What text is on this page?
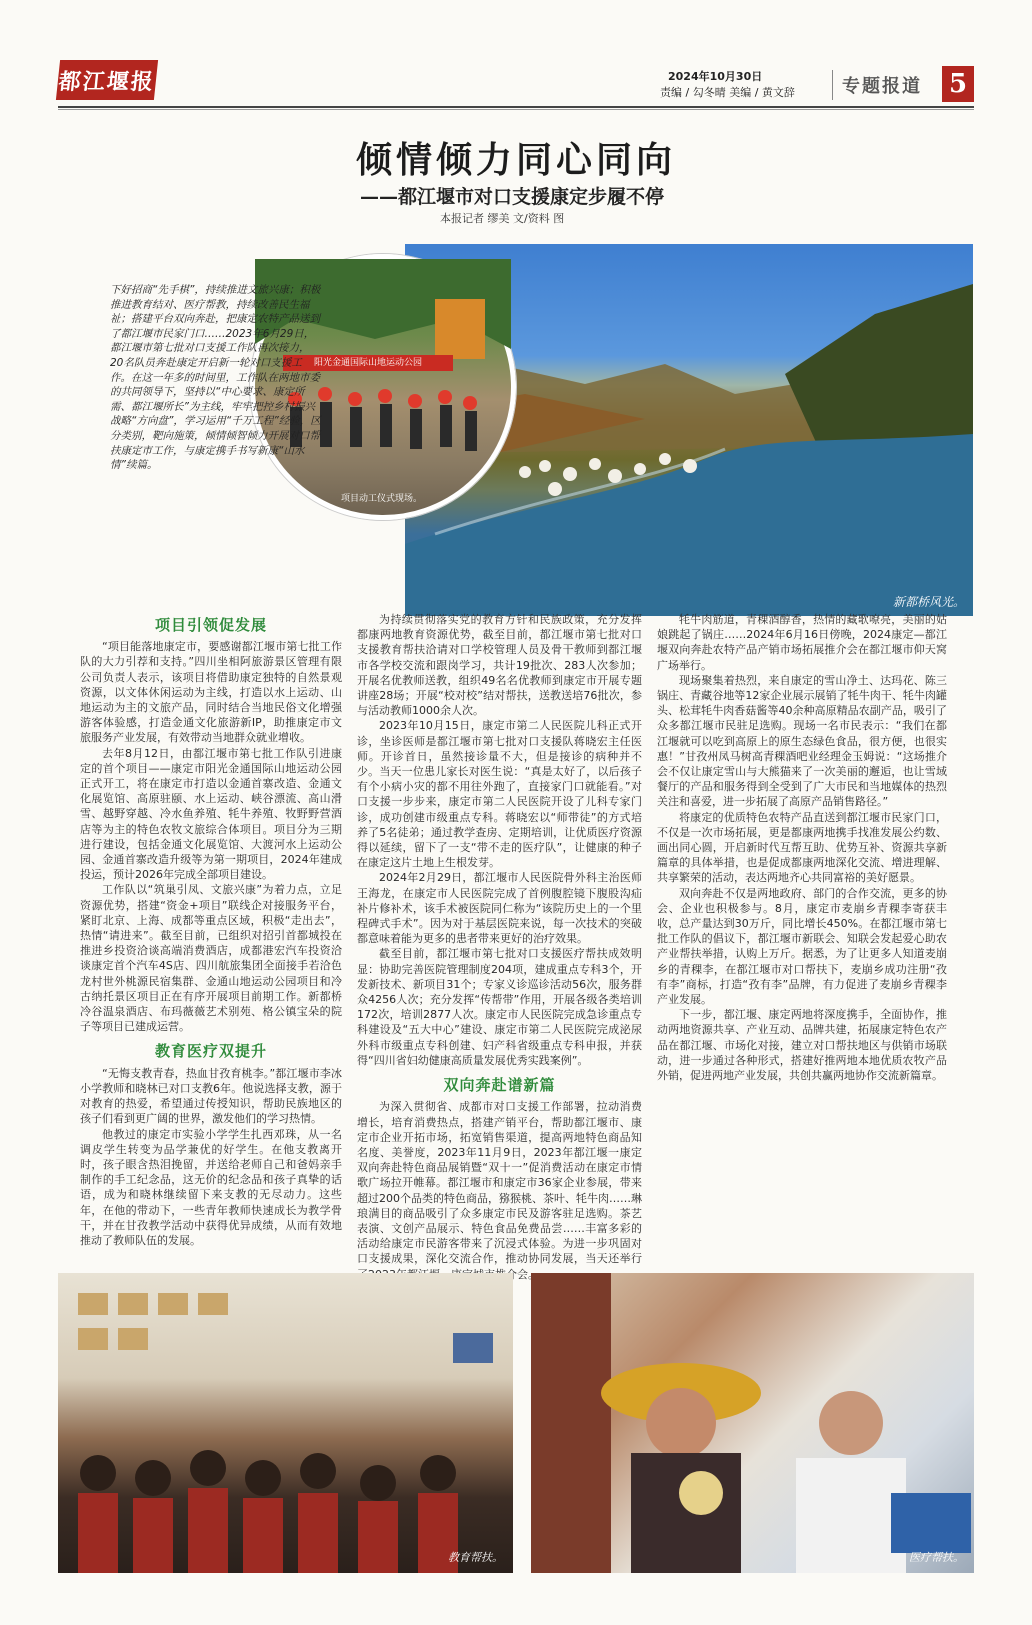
都江堰报	2024年10月30日
责编 / 勾冬晴 美编 / 黄文辞	专题报道 5
倾情倾力同心同向
——都江堰市对口支援康定步履不停
本报记者 缪美 文/资料 图
新都桥风光。
阳光金通国际山地运动公园
项目动工仪式现场。
下好招商“先手棋”，持续推进文旅兴康；积极推进教育结对、医疗帮教，持续改善民生福祉；搭建平台双向奔赴，把康定农特产品送到了都江堰市民家门口……2023年6月29日，都江堰市第七批对口支援工作队再次接力，20名队员奔赴康定开启新一轮对口支援工作。在这一年多的时间里，工作队在两地市委的共同领导下，坚持以“中心要求、康定所需、都江堰所长”为主线，牢牢把控乡村振兴战略“方向盘”，学习运用“千万工程”经验，区分类别，靶向施策，倾情倾智倾力开展对口帮扶康定市工作，与康定携手书写新康“山水情”续篇。
项目引领促发展

“项目能落地康定市，要感谢都江堰市第七批工作队的大力引荐和支持。”四川坐相阿旅游景区管理有限公司负责人表示，该项目将借助康定独特的自然景观资源，以文体休闲运动为主线，打造以水上运动、山地运动为主的文旅产品，同时结合当地民俗文化增强游客体验感，打造金通文化旅游新IP，助推康定市文旅服务产业发展，有效带动当地群众就业增收。

去年8月12日，由都江堰市第七批工作队引进康定的首个项目——康定市阳光金通国际山地运动公园正式开工，将在康定市打造以金通首寨改造、金通文化展览馆、高原驻颐、水上运动、峡谷漂流、高山滑雪、越野穿越、冷水鱼养殖、牦牛养殖、牧野野营酒店等为主的特色农牧文旅综合体项目。项目分为三期进行建设，包括金通文化展览馆、大渡河水上运动公园、金通首寨改造升级等为第一期项目，2024年建成投运，预计2026年完成全部项目建设。

工作队以“筑巢引凤、文旅兴康”为着力点，立足资源优势，搭建“资金+项目”联线企对接服务平台，紧盯北京、上海、成都等重点区域，积极“走出去”，热情“请进来”。截至目前，已组织对招引首都城投在推进乡投资洽谈高端消费酒店，成都港宏汽车投资洽谈康定首个汽车4S店、四川航旅集团全面接手若洽色龙村世外桃源民宿集群、金通山地运动公园项目和冷古纳托景区项目正在有序开展项目前期工作。新都桥冷谷温泉酒店、布玛薇薇艺术别苑、格公镇宝朵的院子等项目已建成运营。

教育医疗双提升

“无悔支教青春，热血甘孜育桃李。”都江堰市李冰小学教师和晓林已对口支教6年。他说选择支教，源于对教育的热爱，希望通过传授知识，帮助民族地区的孩子们看到更广阔的世界，激发他们的学习热情。

他教过的康定市实验小学学生扎西邓珠，从一名调皮学生转变为品学兼优的好学生。在他支教离开时，孩子眼含热泪挽留，并送给老师自己和爸妈亲手制作的手工纪念品，这无价的纪念品和孩子真挚的话语，成为和晓林继续留下来支教的无尽动力。这些年，在他的带动下，一些青年教师快速成长为教学骨干，并在甘孜教学活动中获得优异成绩，从而有效地推动了教师队伍的发展。

为持续贯彻落实党的教育方针和民族政策，充分发挥都康两地教育资源优势，截至目前，都江堰市第七批对口支援教育帮扶洽请对口学校管理人员及骨干教师到都江堰市各学校交流和跟岗学习，共计19批次、283人次参加；开展名优教师送教，组织49名名优教师到康定市开展专题讲座28场；开展“校对校”结对帮扶，送教送培76批次，参与活动教师1000余人次。

2023年10月15日，康定市第二人民医院儿科正式开诊，坐诊医师是都江堰市第七批对口支援队蒋晓宏主任医师。开诊首日，虽然接诊量不大，但是接诊的病种并不少。当天一位患儿家长对医生说：“真是太好了，以后孩子有个小病小灾的都不用往外跑了，直接家门口就能看。”对口支援一步步来，康定市第二人民医院开设了儿科专家门诊，成功创建市级重点专科。蒋晓宏以“师带徒”的方式培养了5名徒弟；通过教学查房、定期培训，让优质医疗资源得以延续，留下了一支“带不走的医疗队”，让健康的种子在康定这片土地上生根发芽。

2024年2月29日，都江堰市人民医院骨外科主治医师王海龙，在康定市人民医院完成了首例腹腔镜下腹股沟疝补片修补术，该手术被医院同仁称为“该院历史上的一个里程碑式手术”。因为对于基层医院来说，每一次技术的突破都意味着能为更多的患者带来更好的治疗效果。

截至目前，都江堰市第七批对口支援医疗帮扶成效明显：协助完善医院管理制度204项，建成重点专科3个，开发新技术、新项目31个；专家义诊巡诊活动56次，服务群众4256人次；充分发挥“传帮带”作用，开展各级各类培训172次，培训2877人次。康定市人民医院完成急诊重点专科建设及“五大中心”建设、康定市第二人民医院完成泌尿外科市级重点专科创建、妇产科省级重点专科申报，并获得“四川省妇幼健康高质量发展优秀实践案例”。

双向奔赴谱新篇

为深入贯彻省、成都市对口支援工作部署，拉动消费增长，培育消费热点，搭建产销平台，帮助都江堰市、康定市企业开拓市场，拓宽销售渠道，提高两地特色商品知名度、美誉度，2023年11月9日，2023年都江堰一康定双向奔赴特色商品展销暨“双十一”促消费活动在康定市情歌广场拉开帷幕。都江堰市和康定市36家企业参展，带来超过200个品类的特色商品，猕猴桃、茶叶、牦牛肉……琳琅满目的商品吸引了众多康定市民及游客驻足选购。茶艺表演、文创产品展示、特色食品免费品尝……丰富多彩的活动给康定市民游客带来了沉浸式体验。为进一步巩固对口支援成果，深化交流合作，推动协同发展，当天还举行 介会。

牦牛肉筋道，青稞酒醇香，热情的藏歌嘹亮，美丽的姑娘跳起了锅庄……2024年6月16日傍晚，2024康定—都江堰双向奔赴农特产品产销市场拓展推介会在都江堰市仰天窝广场举行。

现场聚集着热烈，来自康定的雪山净土、达玛花、陈三锅庄、青藏谷地等12家企业展示展销了牦牛肉干、牦牛肉罐头、松茸牦牛肉香菇酱等40余种高原精品农副产品，吸引了众多都江堰市民驻足选购。现场一名市民表示：“我们在都江堰就可以吃到高原上的原生态绿色食品，很方便，也很实惠！”甘孜州凤马树高青稞酒吧业经理金玉姆说：“这场推介会不仅让康定雪山与大熊猫来了一次美丽的邂逅，也让雪域餐厅的产品和服务得到全受到了广大市民和当地媒体的热烈关注和喜爱，进一步拓展了高原产品销售路径。”

将康定的优质特色农特产品直送到都江堰市民家门口，不仅是一次市场拓展，更是都康两地携手找准发展公约数、画出同心圆，开启新时代互帮互助、优势互补、资源共享新篇章的具体举措，也是促成都康两地深化交流、增进理解、共享繁荣的活动，表达两地齐心共同富裕的美好愿景。

双向奔赴不仅是两地政府、部门的合作交流，更多的协会、企业也积极参与。8月，康定市麦崩乡青稞李寄获丰收，总产量达到30万斤，同比增长450%。在都江堰市第七批工作队的倡议下，都江堰市新联会、知联会发起爱心助农产业帮扶举措，认购上万斤。据悉，为了让更多人知道麦崩乡的青稞李，在都江堰市对口帮扶下，麦崩乡成功注册“孜有李”商标，打造“孜有李”品牌，有力促进了麦崩乡青稞李产业发展。

下一步，都江堰、康定两地将深度携手，全面协作，推动两地资源共享、产业互动、品牌共建，拓展康定特色农产品在都江堰、市场化对接，建立对口帮扶地区与供销市场联动，进一步通过各种形式，搭建好推两地本地优质农牧产品外销，促进两地产业发展，共创共赢两地协作交流新篇章。

教育帮扶。	医疗帮扶。
